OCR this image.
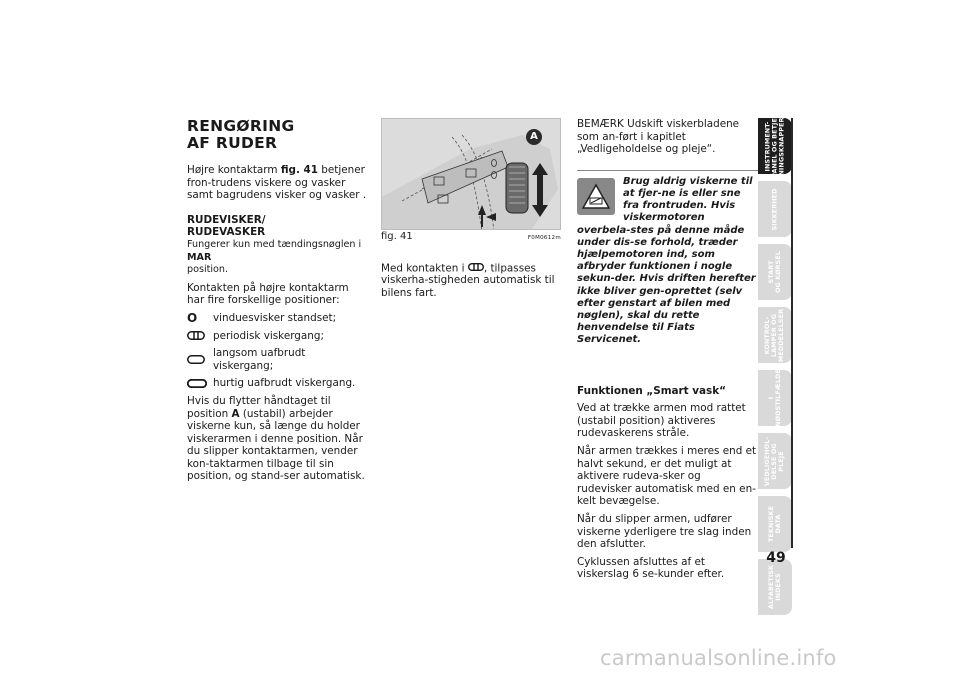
RENGØRING
AF RUDER

Højre kontaktarm fig. 41 betjener fron-trudens viskere og vasker samt bagrudens visker og vasker .

RUDEVISKER/
RUDEVASKER

Fungerer kun med tændingsnøglen i MAR
position.

Kontakten på højre kontaktarm har fire forskellige positioner:

O vinduesvisker standset;
periodisk viskergang;
langsom uafbrudt viskergang;
hurtig uafbrudt viskergang.

Hvis du flytter håndtaget til position A (ustabil) arbejder viskerne kun, så længe du holder viskerarmen i denne position. Når du slipper kontaktarmen, vender kon-taktarmen tilbage til sin position, og stand-ser automatisk.

A
fig. 41	F0M0612m

Med kontakten i , tilpasses viskerha-stigheden automatisk til bilens fart.

BEMÆRK Udskift viskerbladene som an-ført i kapitlet „Vedligeholdelse og pleje“.

Brug aldrig viskerne til at fjer-ne is eller sne fra frontruden. Hvis viskermotoren overbela-stes på denne måde under dis-se forhold, træder hjælpemotoren ind, som afbryder funktionen i nogle sekun-der. Hvis driften herefter ikke bliver gen-oprettet (selv efter genstart af bilen med nøglen), skal du rette henvendelse til Fiats Servicenet.

Funktionen „Smart vask“

Ved at trække armen mod rattet (ustabil position) aktiveres rudevaskerens stråle.

Når armen trækkes i meres end et halvt sekund, er det muligt at aktivere rudeva-sker og rudevisker automatisk med en en-kelt bevægelse.

Når du slipper armen, udfører viskerne yderligere tre slag inden den afslutter.

Cyklussen afsluttes af et viskerslag 6 se-kunder efter.

INSTRUMENT-
PANEL OG BETJE-
NINGSKNAPPER
SIKKERHED
START
OG KØRSEL
KONTROL-
LAMPER OG
MEDDELELSER
I
NØDSTILFÆLDE
VEDLIGEHOL-
DELSE OG
PLEJE
TEKNISKE
DATA
ALFABETISK
INDEKS
49
carmanualsonline.info
